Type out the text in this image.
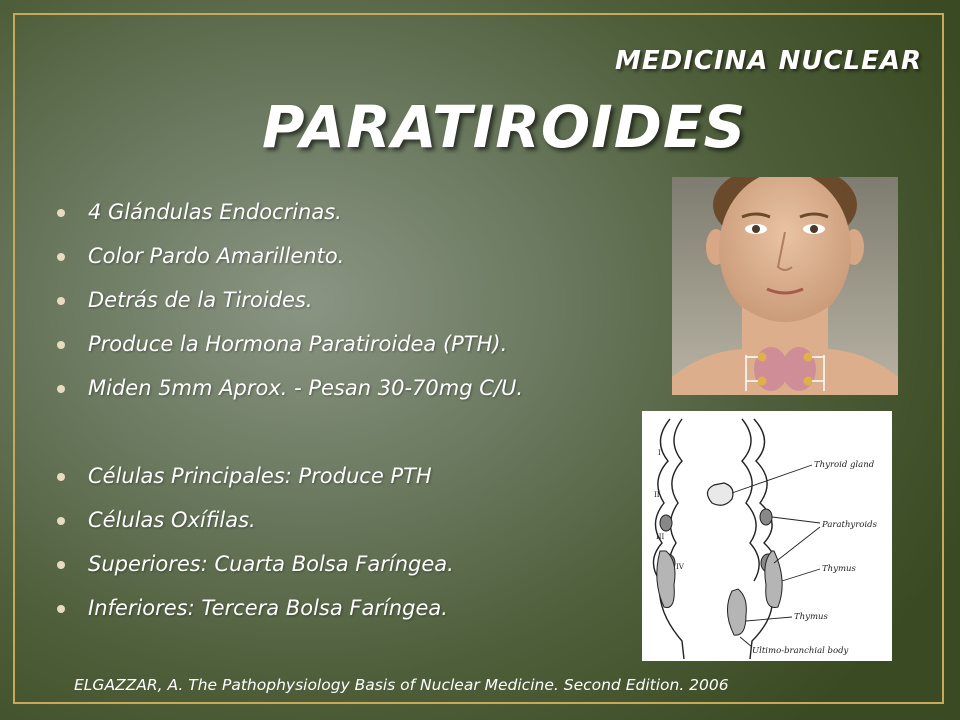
MEDICINA NUCLEAR
PARATIROIDES
4 Glándulas Endocrinas.
Color Pardo Amarillento.
Detrás de la Tiroides.
Produce la Hormona Paratiroidea (PTH).
Miden 5mm Aprox. - Pesan 30-70mg C/U.
Células Principales: Produce PTH
Células Oxífilas.
Superiores: Cuarta Bolsa Faríngea.
Inferiores: Tercera Bolsa Faríngea.
I
II
III
IV
Thyroid gland
Parathyroids
Thymus
Thymus
Ultimo-branchial body
ELGAZZAR, A. The Pathophysiology Basis of Nuclear Medicine. Second Edition. 2006
